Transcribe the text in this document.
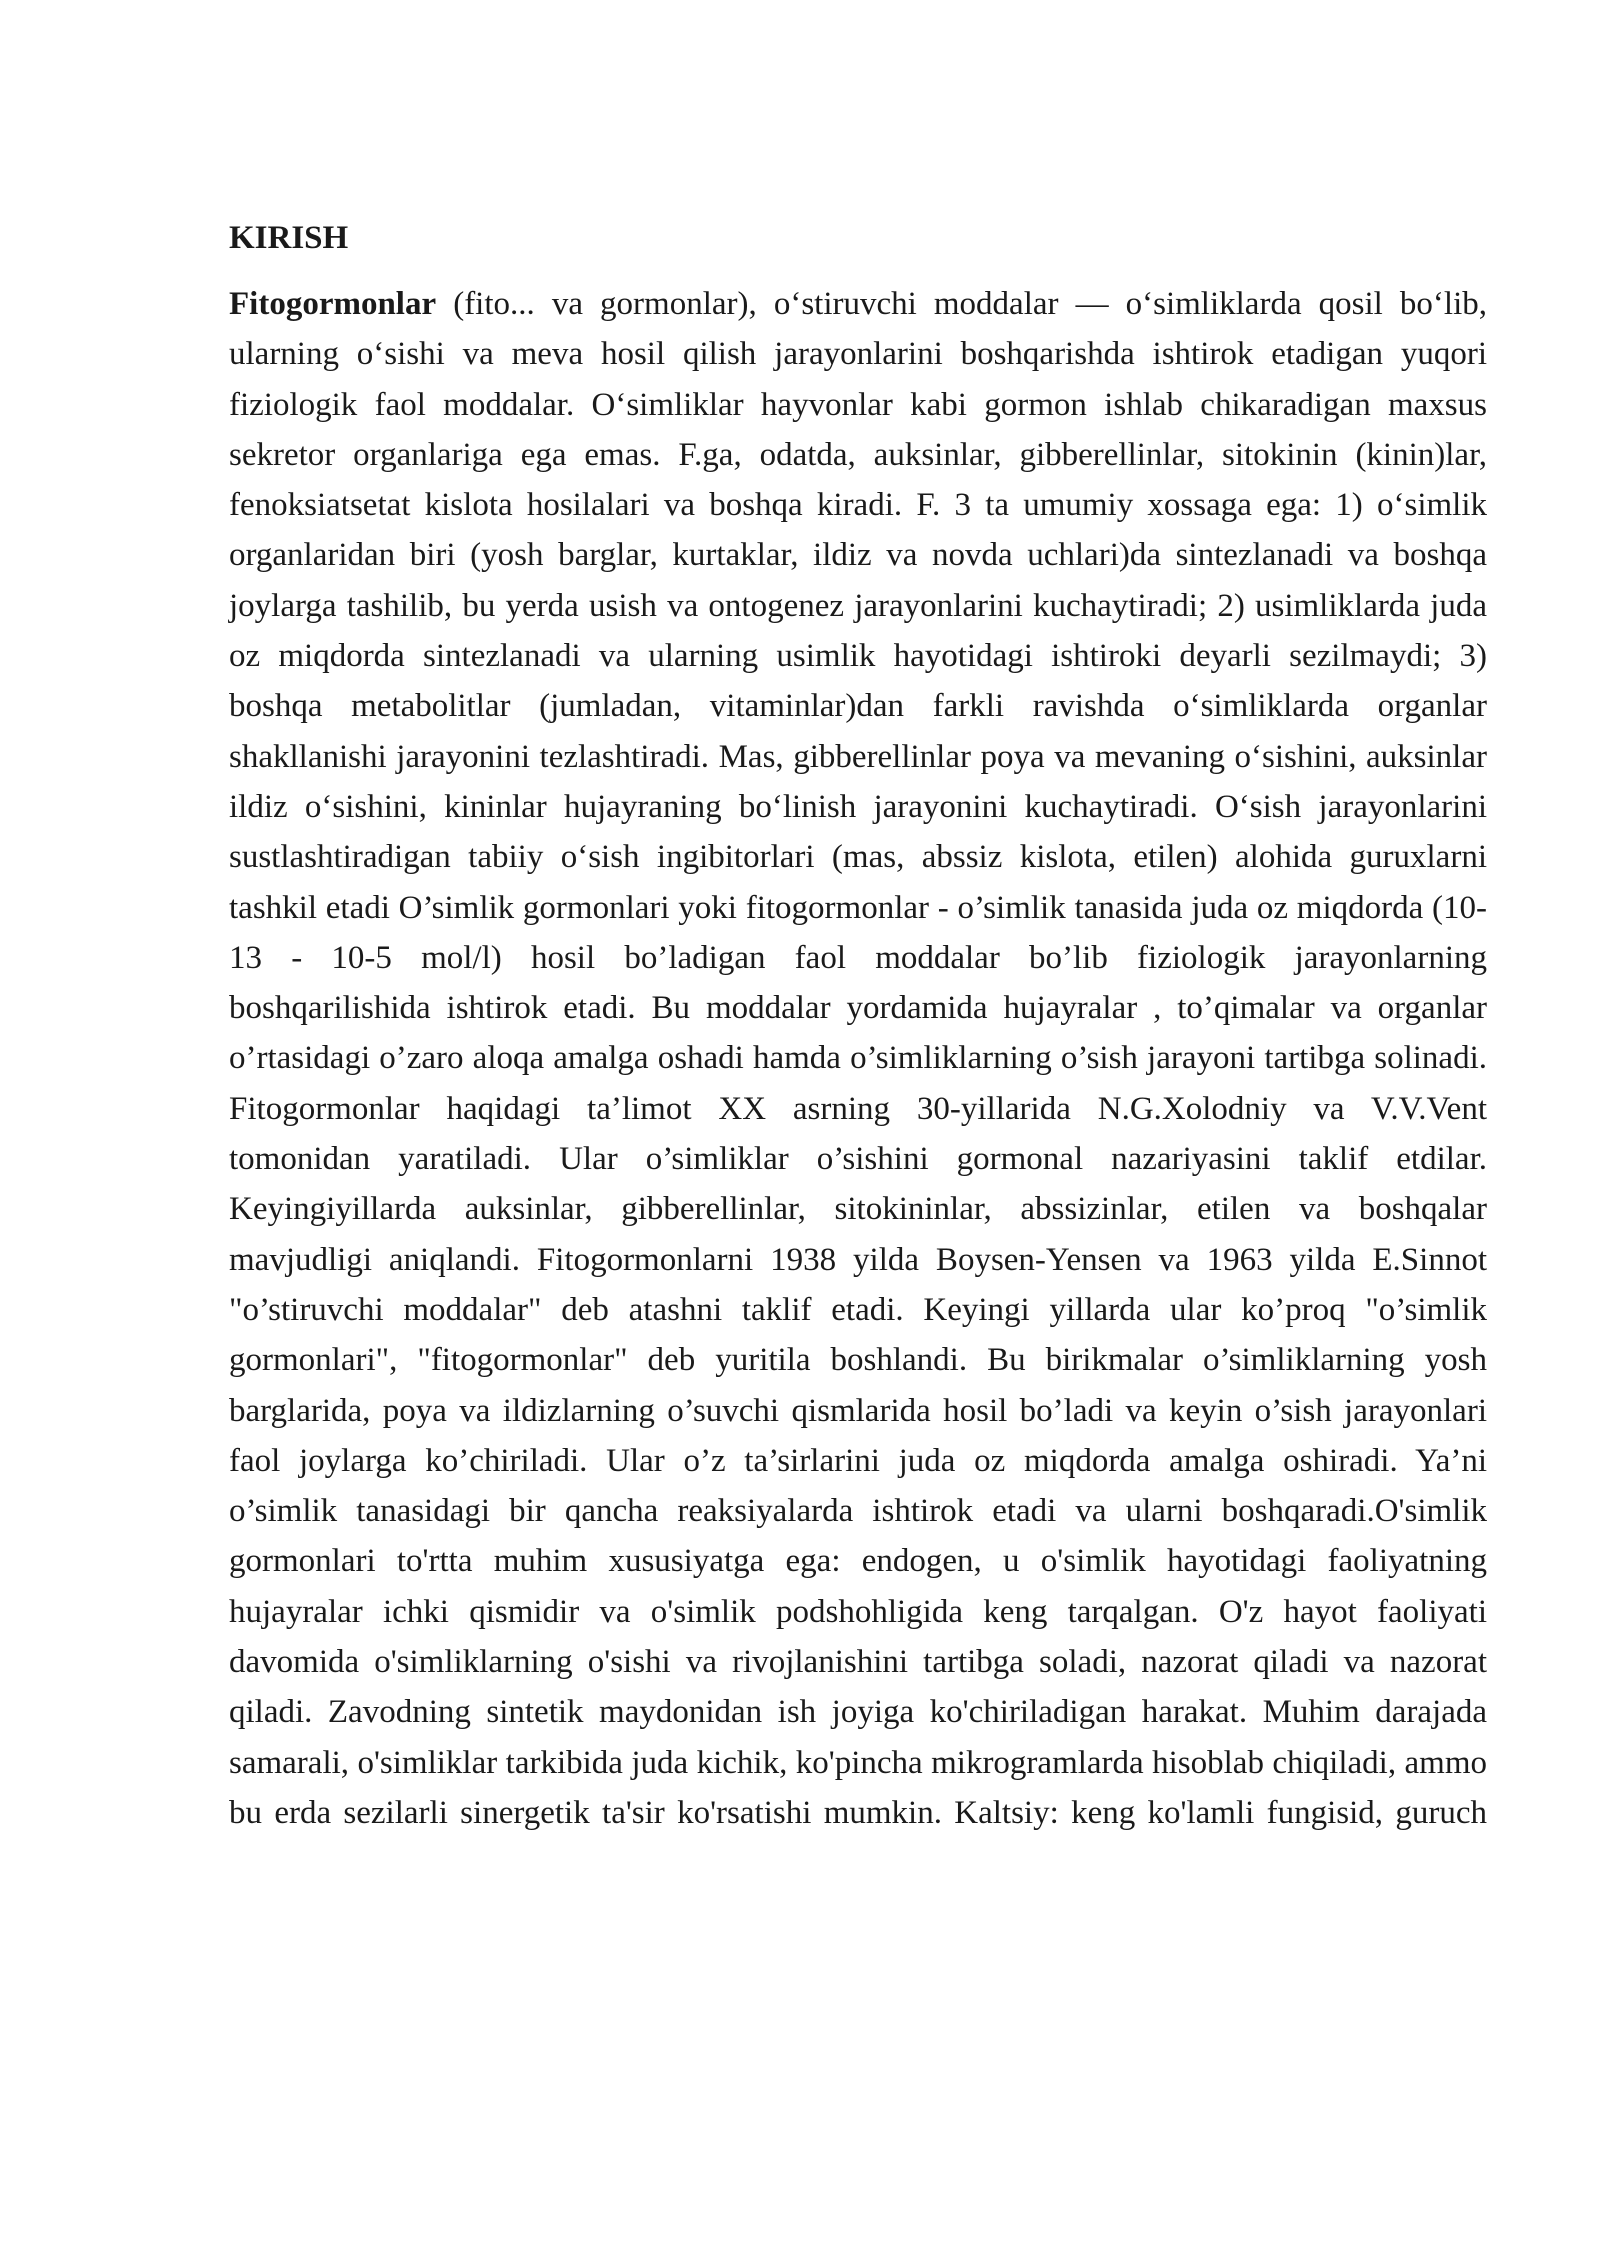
KIRISH

Fitogormonlar (fito... va gormonlar), o‘stiruvchi moddalar — o‘simliklarda qosil bo‘lib, ularning o‘sishi va meva hosil qilish jarayonlarini boshqarishda ishtirok etadigan yuqori fiziologik faol moddalar. O‘simliklar hayvonlar kabi gormon ishlab chikaradigan maxsus sekretor organlariga ega emas. F.ga, odatda, auksinlar, gibberellinlar, sitokinin (kinin)lar, fenoksiatsetat kislota hosilalari va boshqa kiradi. F. 3 ta umumiy xossaga ega: 1) o‘simlik organlaridan biri (yosh barglar, kurtaklar, ildiz va novda uchlari)da sintezlanadi va boshqa joylarga tashilib, bu yerda usish va ontogenez jarayonlarini kuchaytiradi; 2) usimliklarda juda oz miqdorda sintezlanadi va ularning usimlik hayotidagi ishtiroki deyarli sezilmaydi; 3) boshqa metabolitlar (jumladan, vitaminlar)dan farkli ravishda o‘simliklarda organlar shakllanishi jarayonini tezlashtiradi. Mas, gibberellinlar poya va mevaning o‘sishini, auksinlar ildiz o‘sishini, kininlar hujayraning bo‘linish jarayonini kuchaytiradi. O‘sish jarayonlarini sustlashtiradigan tabiiy o‘sish ingibitorlari (mas, abssiz kislota, etilen) alohida guruxlarni tashkil etadi O’simlik gormonlari yoki fitogormonlar - o’simlik tanasida juda oz miqdorda (10-13 - 10-5 mol/l) hosil bo’ladigan faol moddalar bo’lib fiziologik jarayonlarning boshqarilishida ishtirok etadi. Bu moddalar yordamida hujayralar , to’qimalar va organlar o’rtasidagi o’zaro aloqa amalga oshadi hamda o’simliklarning o’sish jarayoni tartibga solinadi. Fitogormonlar haqidagi ta’limot XX asrning 30-yillarida N.G.Xolodniy va V.V.Vent tomonidan yaratiladi. Ular o’simliklar o’sishini gormonal nazariyasini taklif etdilar. Keyingiyillarda auksinlar, gibberellinlar, sitokininlar, abssizinlar, etilen va boshqalar mavjudligi aniqlandi. Fitogormonlarni 1938 yilda Boysen-Yensen va 1963 yilda E.Sinnot "o’stiruvchi moddalar" deb atashni taklif etadi. Keyingi yillarda ular ko’proq "o’simlik gormonlari", "fitogormonlar" deb yuritila boshlandi. Bu birikmalar o’simliklarning yosh barglarida, poya va ildizlarning o’suvchi qismlarida hosil bo’ladi va keyin o’sish jarayonlari faol joylarga ko’chiriladi. Ular o’z ta’sirlarini juda oz miqdorda amalga oshiradi. Ya’ni o’simlik tanasidagi bir qancha reaksiyalarda ishtirok etadi va ularni boshqaradi.O'simlik gormonlari to'rtta muhim xususiyatga ega: endogen, u o'simlik hayotidagi faoliyatning hujayralar ichki qismidir va o'simlik podshohligida keng tarqalgan. O'z hayot faoliyati davomida o'simliklarning o'sishi va rivojlanishini tartibga soladi, nazorat qiladi va nazorat qiladi. Zavodning sintetik maydonidan ish joyiga ko'chiriladigan harakat. Muhim darajada samarali, o'simliklar tarkibida juda kichik, ko'pincha mikrogramlarda hisoblab chiqiladi, ammo bu erda sezilarli sinergetik ta'sir ko'rsatishi mumkin. Kaltsiy: keng ko'lamli fungisid, guruch
